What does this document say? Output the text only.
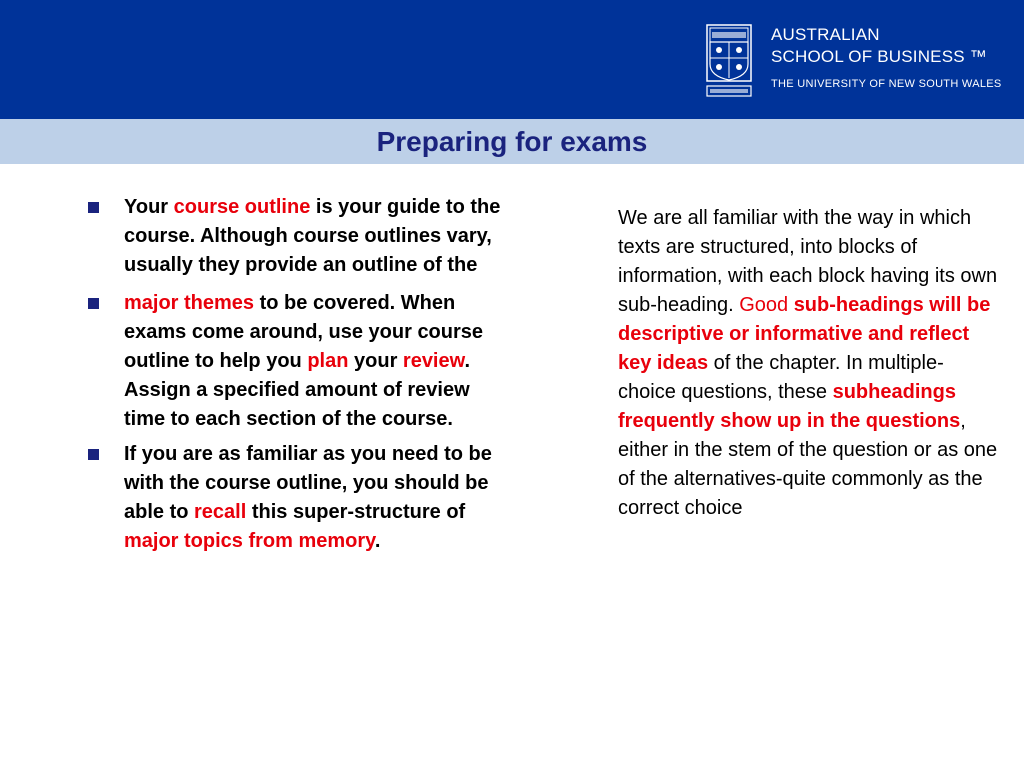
AUSTRALIAN
SCHOOL OF BUSINESS ™
THE UNIVERSITY OF NEW SOUTH WALES
Preparing for exams
Your course outline is your guide to the course. Although course outlines vary, usually they provide an outline of the
major themes to be covered. When exams come around, use your course outline to help you plan your review. Assign a specified amount of review time to each section of the course.
If you are as familiar as you need to be with the course outline, you should be able to recall this super-structure of major topics from memory.
We are all familiar with the way in which texts are structured, into blocks of information, with each block having its own sub-heading. Good sub-headings will be descriptive or informative and reflect key ideas of the chapter. In multiple-choice questions, these subheadings frequently show up in the questions, either in the stem of the question or as one of the alternatives-quite commonly as the correct choice
